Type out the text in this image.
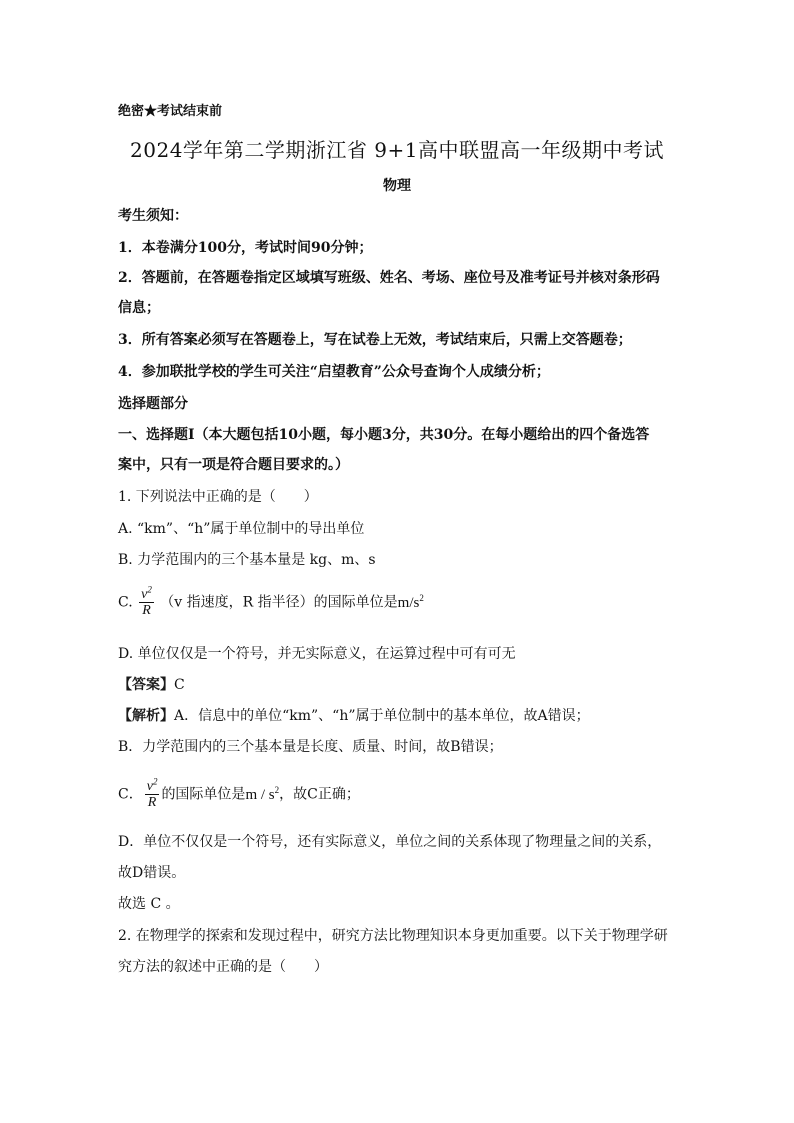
绝密★考试结束前
2024学年第二学期浙江省 9+1高中联盟高一年级期中考试
物理
考生须知：
1．本卷满分100分，考试时间90分钟；
2．答题前，在答题卷指定区域填写班级、姓名、考场、座位号及准考证号并核对条形码
信息；
3．所有答案必须写在答题卷上，写在试卷上无效，考试结束后，只需上交答题卷；
4．参加联批学校的学生可关注“启望教育”公众号查询个人成绩分析；
选择题部分
一、选择题Ⅰ（本大题包括10小题，每小题3分，共30分。在每小题给出的四个备选答
案中，只有一项是符合题目要求的。）
1. 下列说法中正确的是（　　）
A. “km”、“h”属于单位制中的导出单位
B. 力学范围内的三个基本量是 kg、m、s
C. $\frac{v^2}{R} (v$ 指速度，R 指半径）的国际单位是$m/s^2$
D. 单位仅仅是一个符号，并无实际意义，在运算过程中可有可无
【答案】C
【解析】A．信息中的单位“km”、“h”属于单位制中的基本单位，故A错误；
B．力学范围内的三个基本量是长度、质量、时间，故B错误；
C． $\frac{v^2}{R}$ 的国际单位是m / $s^2$，故C正确；
D．单位不仅仅是一个符号，还有实际意义，单位之间的关系体现了物理量之间的关系，
故D错误。
故选 C 。
2. 在物理学的探索和发现过程中，研究方法比物理知识本身更加重要。以下关于物理学研
究方法的叙述中正确的是（　　）
